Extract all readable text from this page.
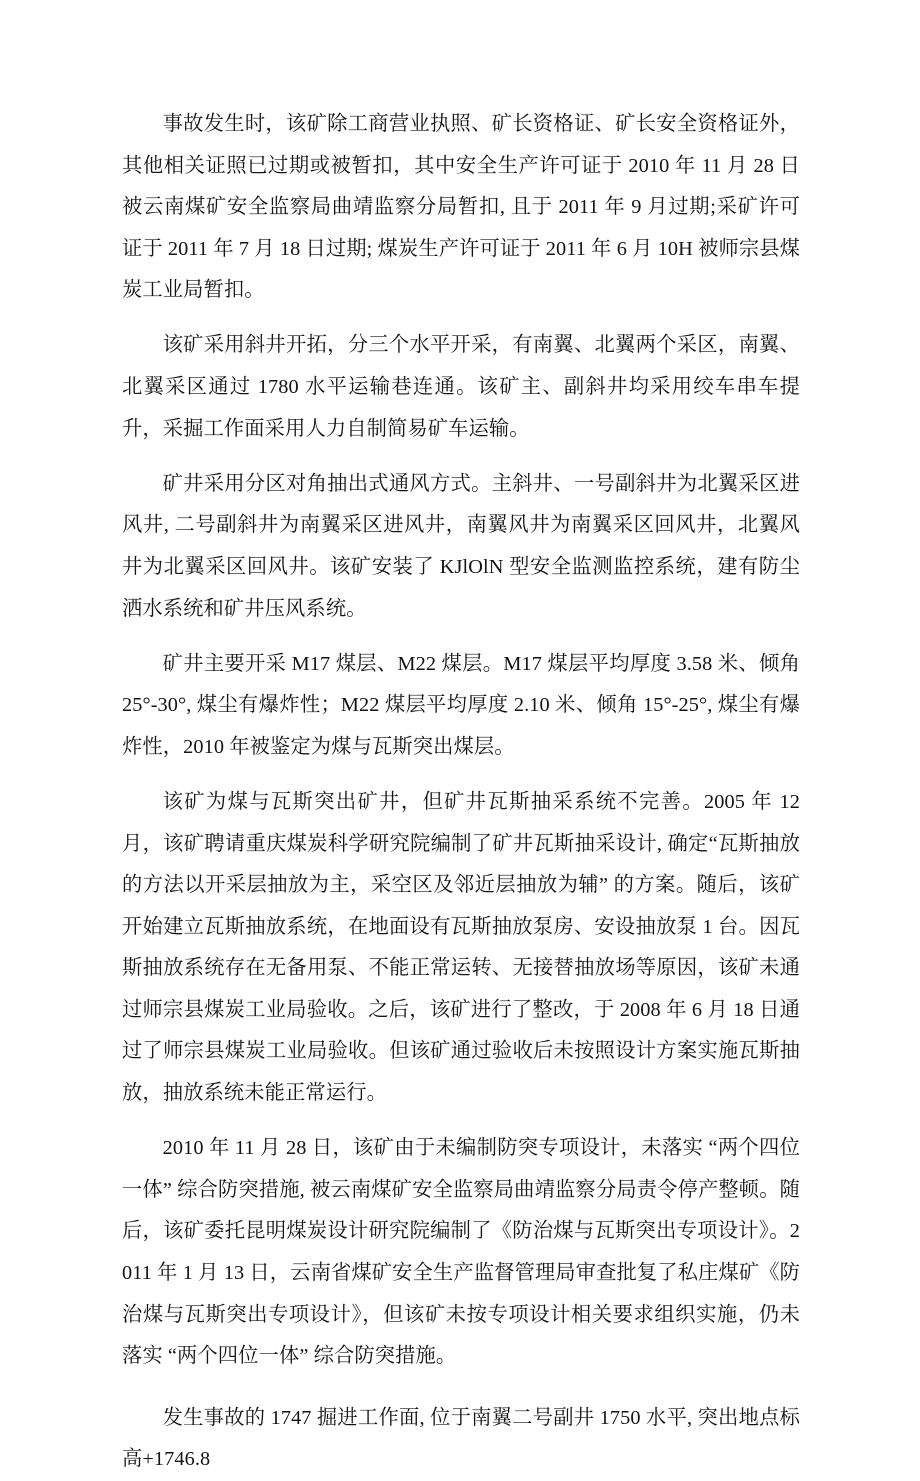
事故发生时，该矿除工商营业执照、矿长资格证、矿长安全资格证外，其他相关证照已过期或被暂扣，其中安全生产许可证于 2010 年 11 月 28 日被云南煤矿安全监察局曲靖监察分局暂扣, 且于 2011 年 9 月过期;采矿许可证于 2011 年 7 月 18 日过期; 煤炭生产许可证于 2011 年 6 月 10H 被师宗县煤炭工业局暂扣。

该矿采用斜井开拓，分三个水平开采，有南翼、北翼两个采区，南翼、北翼采区通过 1780 水平运输巷连通。该矿主、副斜井均采用绞车串车提升，采掘工作面采用人力自制简易矿车运输。

矿井采用分区对角抽出式通风方式。主斜井、一号副斜井为北翼采区进风井, 二号副斜井为南翼采区进风井，南翼风井为南翼采区回风井，北翼风井为北翼采区回风井。该矿安装了 KJlOlN 型安全监测监控系统，建有防尘洒水系统和矿井压风系统。

矿井主要开采 M17 煤层、M22 煤层。M17 煤层平均厚度 3.58 米、倾角 25°-30°, 煤尘有爆炸性；M22 煤层平均厚度 2.10 米、倾角 15°-25°, 煤尘有爆炸性，2010 年被鉴定为煤与瓦斯突出煤层。

该矿为煤与瓦斯突出矿井，但矿井瓦斯抽采系统不完善。2005 年 12 月，该矿聘请重庆煤炭科学研究院编制了矿井瓦斯抽采设计, 确定“瓦斯抽放的方法以开采层抽放为主，采空区及邻近层抽放为辅” 的方案。随后，该矿开始建立瓦斯抽放系统，在地面设有瓦斯抽放泵房、安设抽放泵 1 台。因瓦斯抽放系统存在无备用泵、不能正常运转、无接替抽放场等原因，该矿未通过师宗县煤炭工业局验收。之后，该矿进行了整改，于 2008 年 6 月 18 日通过了师宗县煤炭工业局验收。但该矿通过验收后未按照设计方案实施瓦斯抽放，抽放系统未能正常运行。

2010 年 11 月 28 日，该矿由于未编制防突专项设计，未落实 “两个四位一体” 综合防突措施, 被云南煤矿安全监察局曲靖监察分局责令停产整顿。随后，该矿委托昆明煤炭设计研究院编制了《防治煤与瓦斯突出专项设计》。2011 年 1 月 13 日，云南省煤矿安全生产监督管理局审查批复了私庄煤矿《防治煤与瓦斯突出专项设计》，但该矿未按专项设计相关要求组织实施，仍未落实 “两个四位一体” 综合防突措施。

发生事故的 1747 掘进工作面, 位于南翼二号副井 1750 水平, 突出地点标高+1746.8
